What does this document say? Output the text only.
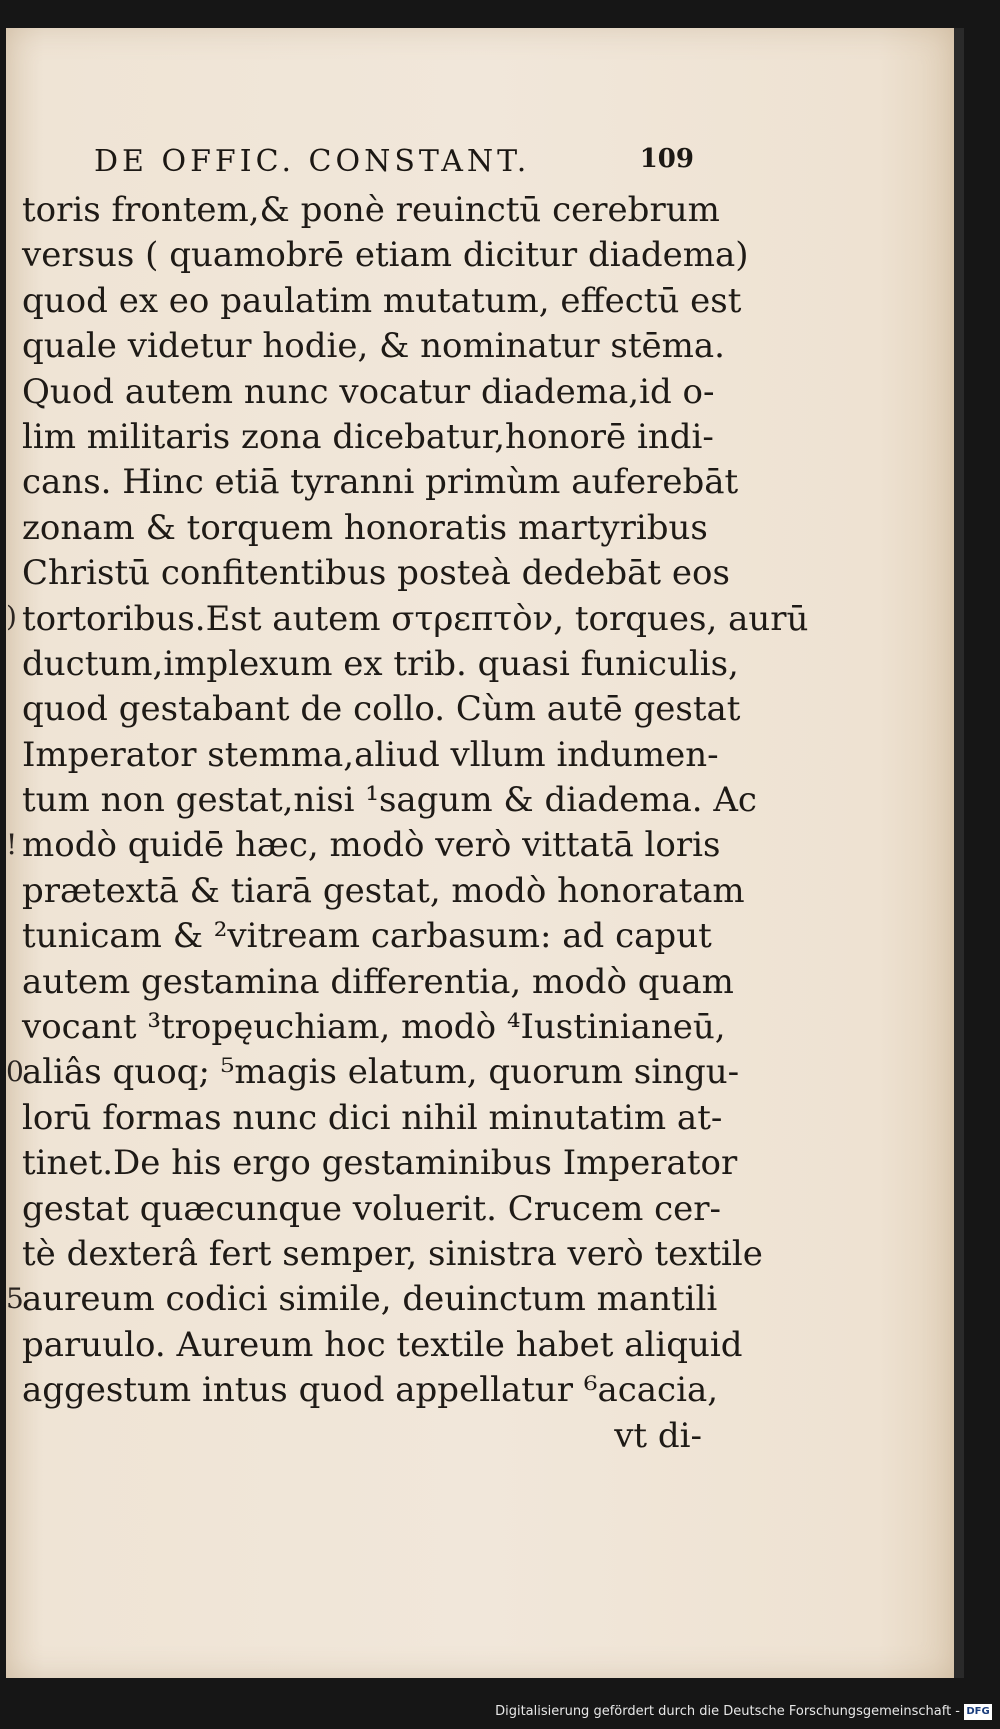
DE OFFIC. CONSTANT.	109
toris frontem,& ponè reuinctū cerebrum
versus ( quamobrē etiam dicitur diadema)
quod ex eo paulatim mutatum, effectū est
quale videtur hodie, & nominatur stēma.
Quod autem nunc vocatur diadema,id o-
lim militaris zona dicebatur,honorē indi-
cans. Hinc etiā tyranni primùm auferebāt
zonam & torquem honoratis martyribus
Christū confitentibus posteà dedebāt eos
tortoribus.Est autem στρεπτὸν, torques, aurū
ductum,implexum ex trib. quasi funiculis,
quod gestabant de collo. Cùm autē gestat
Imperator stemma,aliud vllum indumen-
tum non gestat,nisi ¹sagum & diadema. Ac
modò quidē hæc, modò verò vittatā loris
prætextā & tiarā gestat, modò honoratam
tunicam & ²vitream carbasum: ad caput
autem gestamina differentia, modò quam
vocant ³tropęuchiam, modò ⁴Iustinianeū,
aliâs quoq; ⁵magis elatum, quorum singu-
lorū formas nunc dici nihil minutatim at-
tinet.De his ergo gestaminibus Imperator
gestat quæcunque voluerit. Crucem cer-
tè dexterâ fert semper, sinistra verò textile
aureum codici simile, deuinctum mantili
paruulo. Aureum hoc textile habet aliquid
aggestum intus quod appellatur ⁶acacia,
vt di-
)
!
0
5
Digitalisierung gefördert durch die Deutsche Forschungsgemeinschaft - DFG
